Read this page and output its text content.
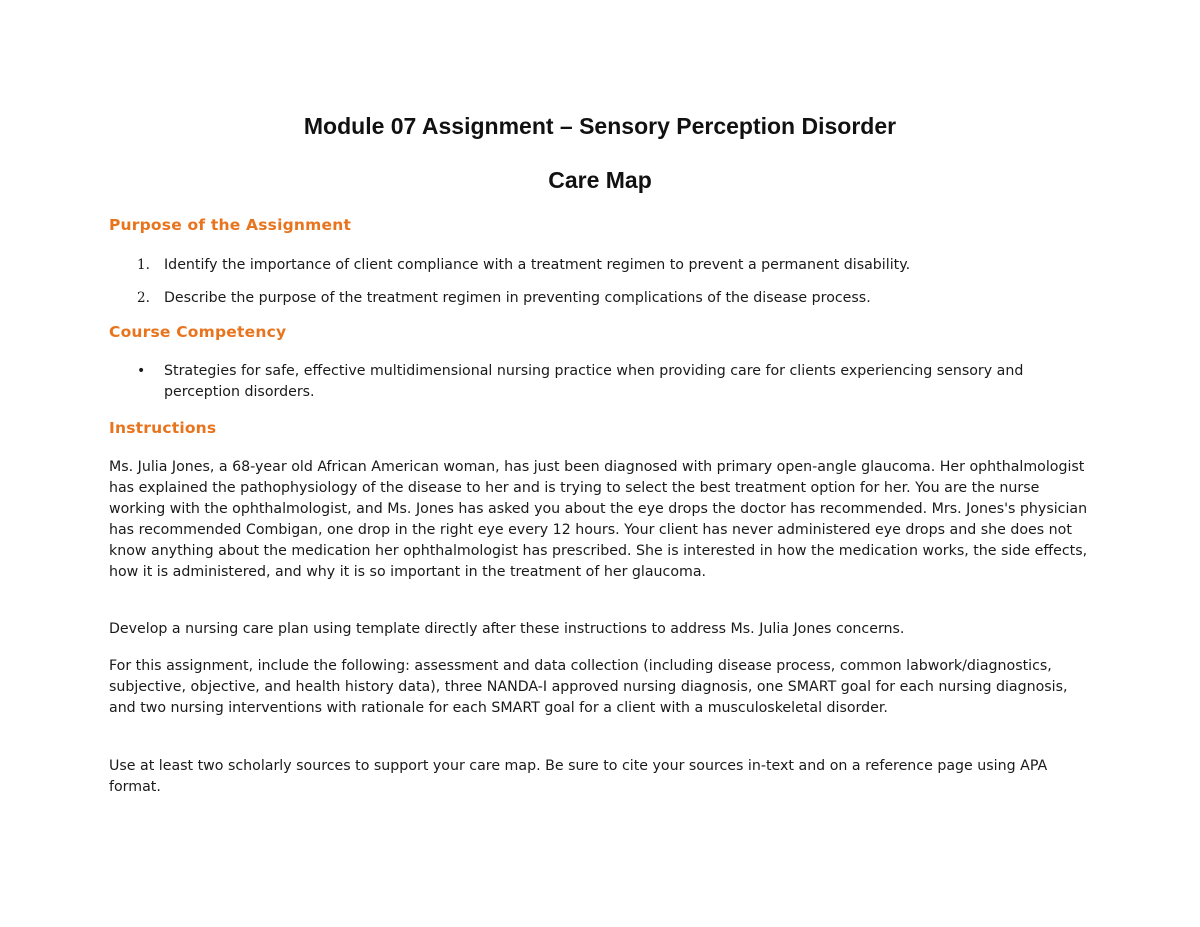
Module 07 Assignment – Sensory Perception Disorder
Care Map
Purpose of the Assignment
1. Identify the importance of client compliance with a treatment regimen to prevent a permanent disability.
2. Describe the purpose of the treatment regimen in preventing complications of the disease process.
Course Competency
• Strategies for safe, effective multidimensional nursing practice when providing care for clients experiencing sensory and perception disorders.
Instructions

Ms. Julia Jones, a 68-year old African American woman, has just been diagnosed with primary open-angle glaucoma. Her ophthalmologist has explained the pathophysiology of the disease to her and is trying to select the best treatment option for her. You are the nurse working with the ophthalmologist, and Ms. Jones has asked you about the eye drops the doctor has recommended. Mrs. Jones's physician has recommended Combigan, one drop in the right eye every 12 hours. Your client has never administered eye drops and she does not know anything about the medication her ophthalmologist has prescribed. She is interested in how the medication works, the side effects, how it is administered, and why it is so important in the treatment of her glaucoma.

Develop a nursing care plan using template directly after these instructions to address Ms. Julia Jones concerns.

For this assignment, include the following: assessment and data collection (including disease process, common labwork/diagnostics, subjective, objective, and health history data), three NANDA-I approved nursing diagnosis, one SMART goal for each nursing diagnosis, and two nursing interventions with rationale for each SMART goal for a client with a musculoskeletal disorder.

Use at least two scholarly sources to support your care map. Be sure to cite your sources in-text and on a reference page using APA format.
